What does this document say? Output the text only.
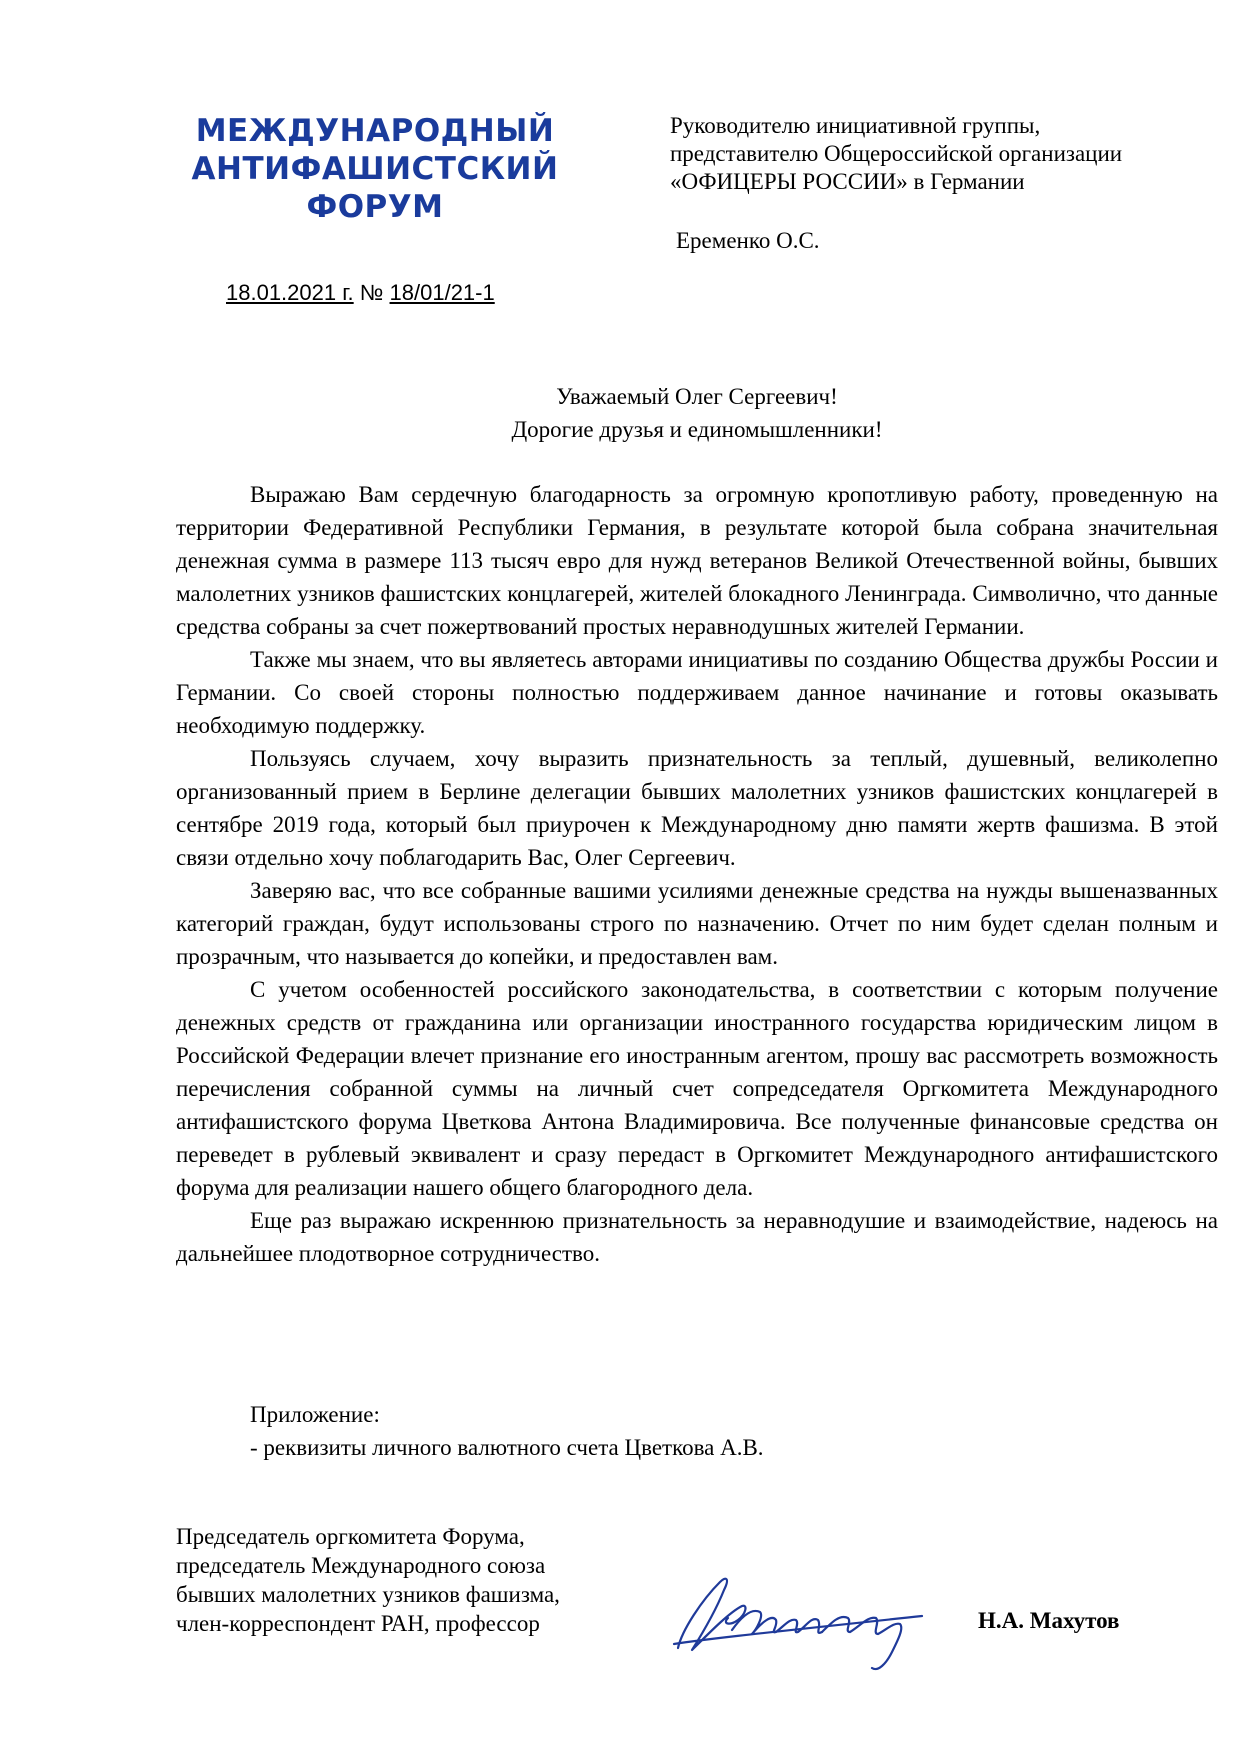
МЕЖДУНАРОДНЫЙ
АНТИФАШИСТСКИЙ
ФОРУМ
Руководителю инициативной группы,
представителю Общероссийской организации
«ОФИЦЕРЫ РОССИИ» в Германии
Еременко О.С.
18.01.2021 г. № 18/01/21-1
Уважаемый Олег Сергеевич!
Дорогие друзья и единомышленники!

Выражаю Вам сердечную благодарность за огромную кропотливую работу, проведенную на территории Федеративной Республики Германия, в результате которой была собрана значительная денежная сумма в размере 113 тысяч евро для нужд ветеранов Великой Отечественной войны, бывших малолетних узников фашистских концлагерей, жителей блокадного Ленинграда. Символично, что данные средства собраны за счет пожертвований простых неравнодушных жителей Германии.

Также мы знаем, что вы являетесь авторами инициативы по созданию Общества дружбы России и Германии. Со своей стороны полностью поддерживаем данное начинание и готовы оказывать необходимую поддержку.

Пользуясь случаем, хочу выразить признательность за теплый, душевный, великолепно организованный прием в Берлине делегации бывших малолетних узников фашистских концлагерей в сентябре 2019 года, который был приурочен к Международному дню памяти жертв фашизма. В этой связи отдельно хочу поблагодарить Вас, Олег Сергеевич.

Заверяю вас, что все собранные вашими усилиями денежные средства на нужды вышеназванных категорий граждан, будут использованы строго по назначению. Отчет по ним будет сделан полным и прозрачным, что называется до копейки, и предоставлен вам.

С учетом особенностей российского законодательства, в соответствии с которым получение денежных средств от гражданина или организации иностранного государства юридическим лицом в Российской Федерации влечет признание его иностранным агентом, прошу вас рассмотреть возможность перечисления собранной суммы на личный счет сопредседателя Оргкомитета Международного антифашистского форума Цветкова Антона Владимировича. Все полученные финансовые средства он переведет в рублевый эквивалент и сразу передаст в Оргкомитет Международного антифашистского форума для реализации нашего общего благородного дела.

Еще раз выражаю искреннюю признательность за неравнодушие и взаимодействие, надеюсь на дальнейшее плодотворное сотрудничество.

Приложение:
- реквизиты личного валютного счета Цветкова А.В.
Председатель оргкомитета Форума,
председатель Международного союза
бывших малолетних узников фашизма,
член-корреспондент РАН, профессор	Н.А. Махутов
